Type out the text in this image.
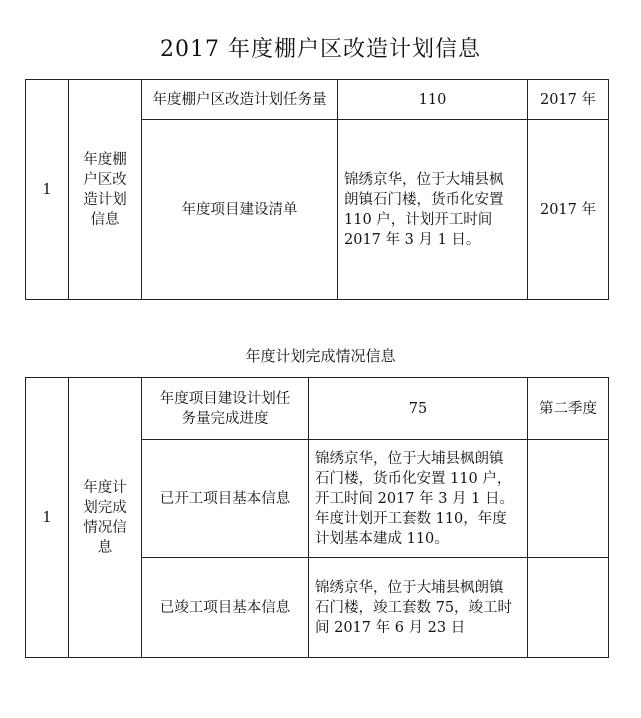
2017 年度棚户区改造计划信息
1	年度棚
户区改
造计划
信息	年度棚户区改造计划任务量	110	2017 年
		年度项目建设清单	锦绣京华，位于大埔县枫
朗镇石门楼，货币化安置
110 户，计划开工时间
2017 年 3 月 1 日。	2017 年
年度计划完成情况信息
1	年度计
划完成
情况信
息	年度项目建设计划任
务量完成进度	75	第二季度
		已开工项目基本信息	锦绣京华，位于大埔县枫朗镇
石门楼，货币化安置 110 户，
开工时间 2017 年 3 月 1 日。
年度计划开工套数 110，年度
计划基本建成 110。	

		已竣工项目基本信息	锦绣京华，位于大埔县枫朗镇
石门楼，竣工套数 75，竣工时
间 2017 年 6 月 23 日	
